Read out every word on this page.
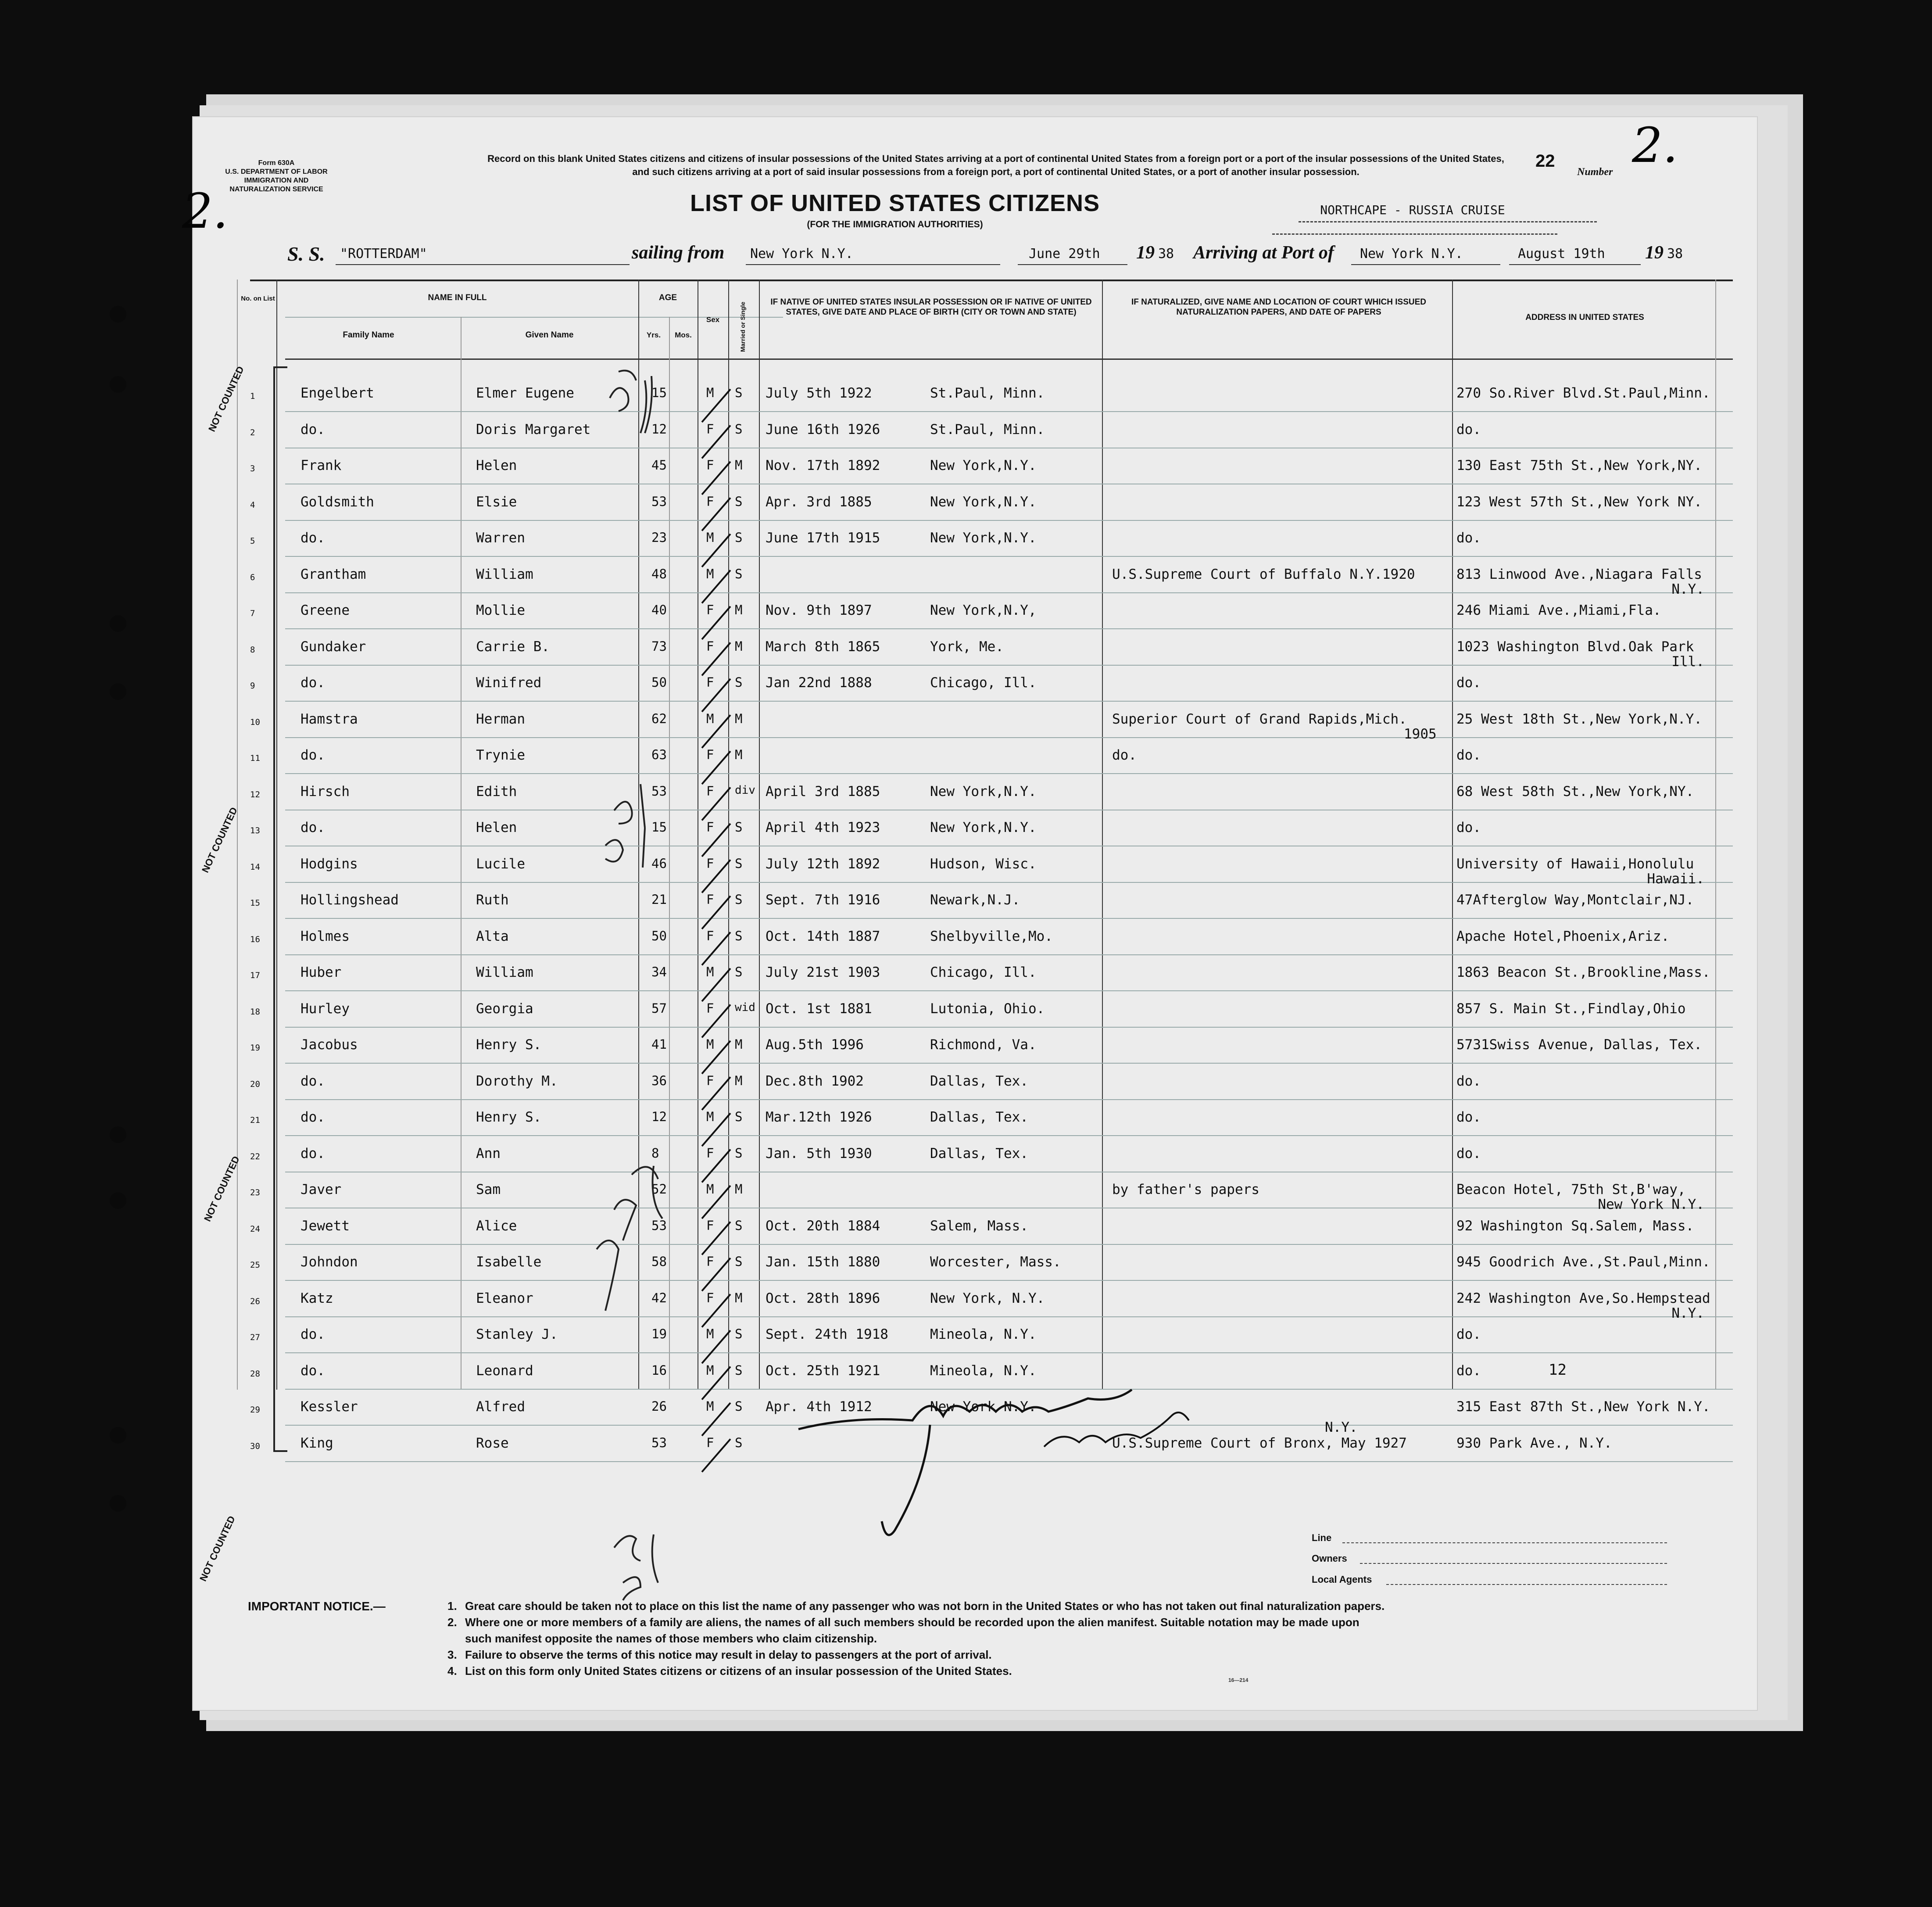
Form 630A
U.S. DEPARTMENT OF LABOR
IMMIGRATION AND
NATURALIZATION SERVICE
Record on this blank United States citizens and citizens of insular possessions of the United States arriving at a port of continental United States from a foreign port or a port of the insular possessions of the United States, and such citizens arriving at a port of said insular possessions from a foreign port, a port of continental United States, or a port of another insular possession.
LIST OF UNITED STATES CITIZENS
(FOR THE IMMIGRATION AUTHORITIES)
NORTHCAPE - RUSSIA CRUISE
22
Number 2.
2.
S. S. "ROTTERDAM"	sailing from New York N.Y.	June 29th 19 38 Arriving at Port of New York N.Y.	August 19th 19 38
No. on List	NAME IN FULL
Family Name	Given Name
AGE
Yrs.	Mos.
Sex	Married or Single	IF NATIVE OF UNITED STATES INSULAR POSSESSION OR IF NATIVE OF UNITED STATES, GIVE DATE AND PLACE OF BIRTH (CITY OR TOWN AND STATE)
IF NATURALIZED, GIVE NAME AND LOCATION OF COURT WHICH ISSUED NATURALIZATION PAPERS, AND DATE OF PAPERS
ADDRESS IN UNITED STATES
1	Engelbert	Elmer Eugene	15	M S July 5th 1922	St.Paul, Minn.	270 So.River Blvd.St.Paul,Minn.
2	do.	Doris Margaret	12	F S June 16th 1926	St.Paul, Minn.	do.
3	Frank	Helen	45	F M Nov. 17th 1892	New York,N.Y.	130 East 75th St.,New York,NY.
4	Goldsmith	Elsie	53	F S Apr. 3rd 1885	New York,N.Y.	123 West 57th St.,New York NY.
5	do.	Warren	23	M S June 17th 1915	New York,N.Y.	do.
6	Grantham	William	48	M S	U.S.Supreme Court of Buffalo N.Y.1920	813 Linwood Ave.,Niagara Falls
N.Y.
7	Greene	Mollie	40	F M Nov. 9th 1897	New York,N.Y,	246 Miami Ave.,Miami,Fla.
8	Gundaker	Carrie B.	73	F M March 8th 1865	York, Me.	1023 Washington Blvd.Oak Park
Ill.
9	do.	Winifred	50	F S Jan 22nd 1888	Chicago, Ill.	do.
10	Hamstra	Herman	62	M M	Superior Court of Grand Rapids,Mich.	25 West 18th St.,New York,N.Y.
1905
11	do.	Trynie	63	F M	do.	do.
12	Hirsch	Edith	53	F div April 3rd 1885	New York,N.Y.	68 West 58th St.,New York,NY.
13	do.	Helen	15	F S April 4th 1923	New York,N.Y.	do.
14	Hodgins	Lucile	46	F S July 12th 1892	Hudson, Wisc.	University of Hawaii,Honolulu
Hawaii.
15	Hollingshead	Ruth	21	F S Sept. 7th 1916	Newark,N.J.	47Afterglow Way,Montclair,NJ.
16	Holmes	Alta	50	F S Oct. 14th 1887	Shelbyville,Mo.	Apache Hotel,Phoenix,Ariz.
17	Huber	William	34	M S July 21st 1903	Chicago, Ill.	1863 Beacon St.,Brookline,Mass.
18	Hurley	Georgia	57	F wid Oct. 1st 1881	Lutonia, Ohio.	857 S. Main St.,Findlay,Ohio
19	Jacobus	Henry S.	41	M M Aug.5th 1996	Richmond, Va.	5731Swiss Avenue, Dallas, Tex.
20	do.	Dorothy M.	36	F M Dec.8th 1902	Dallas, Tex.	do.
21	do.	Henry S.	12	M S Mar.12th 1926	Dallas, Tex.	do.
22	do.	Ann	8	F S Jan. 5th 1930	Dallas, Tex.	do.
23	Javer	Sam	52	M M	by father's papers	Beacon Hotel, 75th St,B'way,
New York N.Y.
24	Jewett	Alice	53	F S Oct. 20th 1884	Salem, Mass.	92 Washington Sq.Salem, Mass.
25	Johndon	Isabelle	58	F S Jan. 15th 1880	Worcester, Mass.	945 Goodrich Ave.,St.Paul,Minn.
26	Katz	Eleanor	42	F M Oct. 28th 1896	New York, N.Y.	242 Washington Ave,So.Hempstead
N.Y.
27	do.	Stanley J.	19	M S Sept. 24th 1918	Mineola, N.Y.	do.
28	do.	Leonard	16	M S Oct. 25th 1921	Mineola, N.Y.	do.
29	Kessler	Alfred	26	M S Apr. 4th 1912	New York N.Y.	315 East 87th St.,New York N.Y.
30	King	Rose	53	F S	U.S.Supreme Court of Bronx, May 1927	930 Park Ave., N.Y.
N.Y.
NOT COUNTED
NOT COUNTED
NOT COUNTED
NOT COUNTED
12
Line
Owners
Local Agents
IMPORTANT NOTICE.—	1. Great care should be taken not to place on this list the name of any passenger who was not born in the United States or who has not taken out final naturalization papers.
2. Where one or more members of a family are aliens, the names of all such members should be recorded upon the alien manifest. Suitable notation may be made upon
such manifest opposite the names of those members who claim citizenship.
3. Failure to observe the terms of this notice may result in delay to passengers at the port of arrival.
4. List on this form only United States citizens or citizens of an insular possession of the United States.
16—214
